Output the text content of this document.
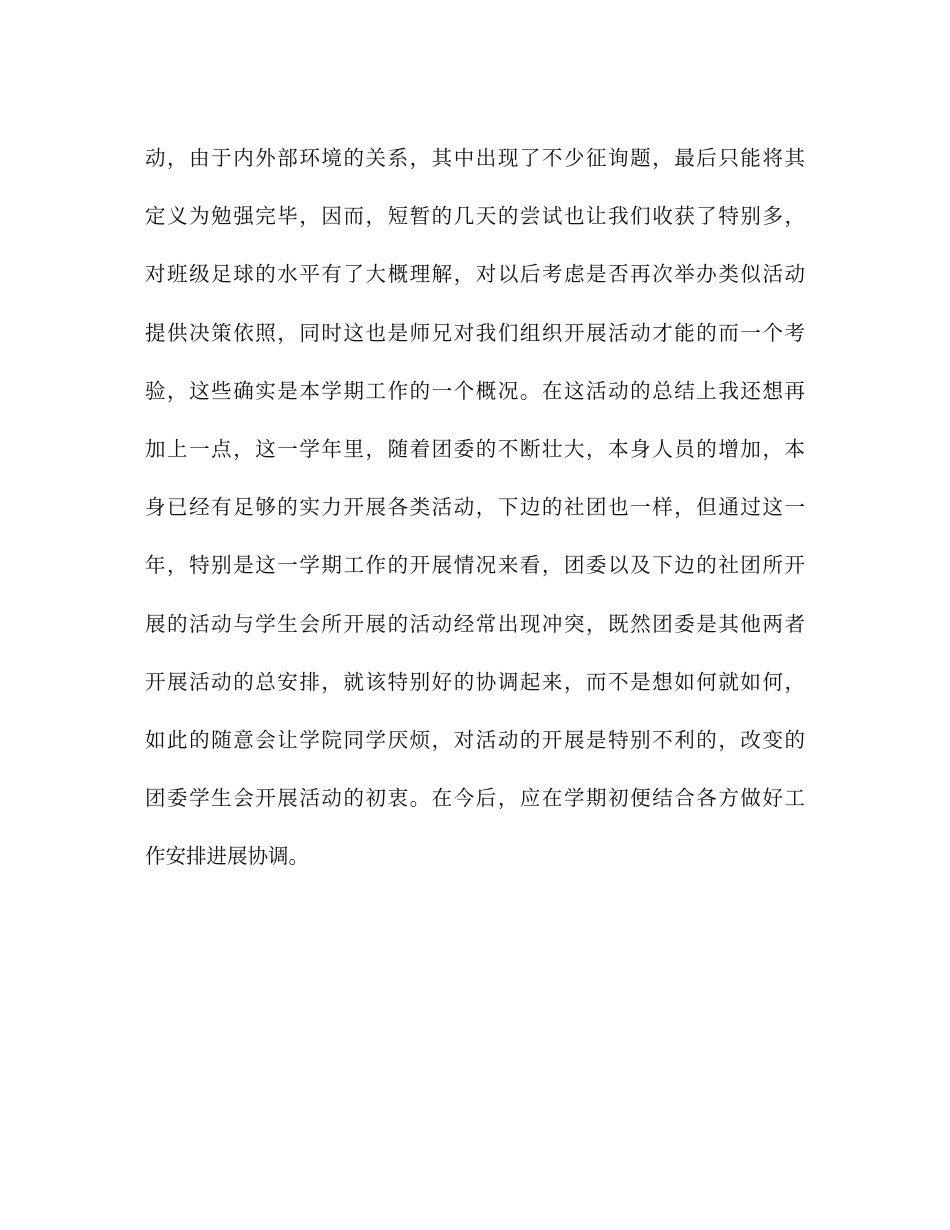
动，由于内外部环境的关系，其中出现了不少征询题，最后只能将其
定义为勉强完毕，因而，短暂的几天的尝试也让我们收获了特别多，
对班级足球的水平有了大概理解，对以后考虑是否再次举办类似活动
提供决策依照，同时这也是师兄对我们组织开展活动才能的而一个考
验，这些确实是本学期工作的一个概况。在这活动的总结上我还想再
加上一点，这一学年里，随着团委的不断壮大，本身人员的增加，本
身已经有足够的实力开展各类活动，下边的社团也一样，但通过这一
年，特别是这一学期工作的开展情况来看，团委以及下边的社团所开
展的活动与学生会所开展的活动经常出现冲突，既然团委是其他两者
开展活动的总安排，就该特别好的协调起来，而不是想如何就如何，
如此的随意会让学院同学厌烦，对活动的开展是特别不利的，改变的
团委学生会开展活动的初衷。在今后，应在学期初便结合各方做好工
作安排进展协调。
